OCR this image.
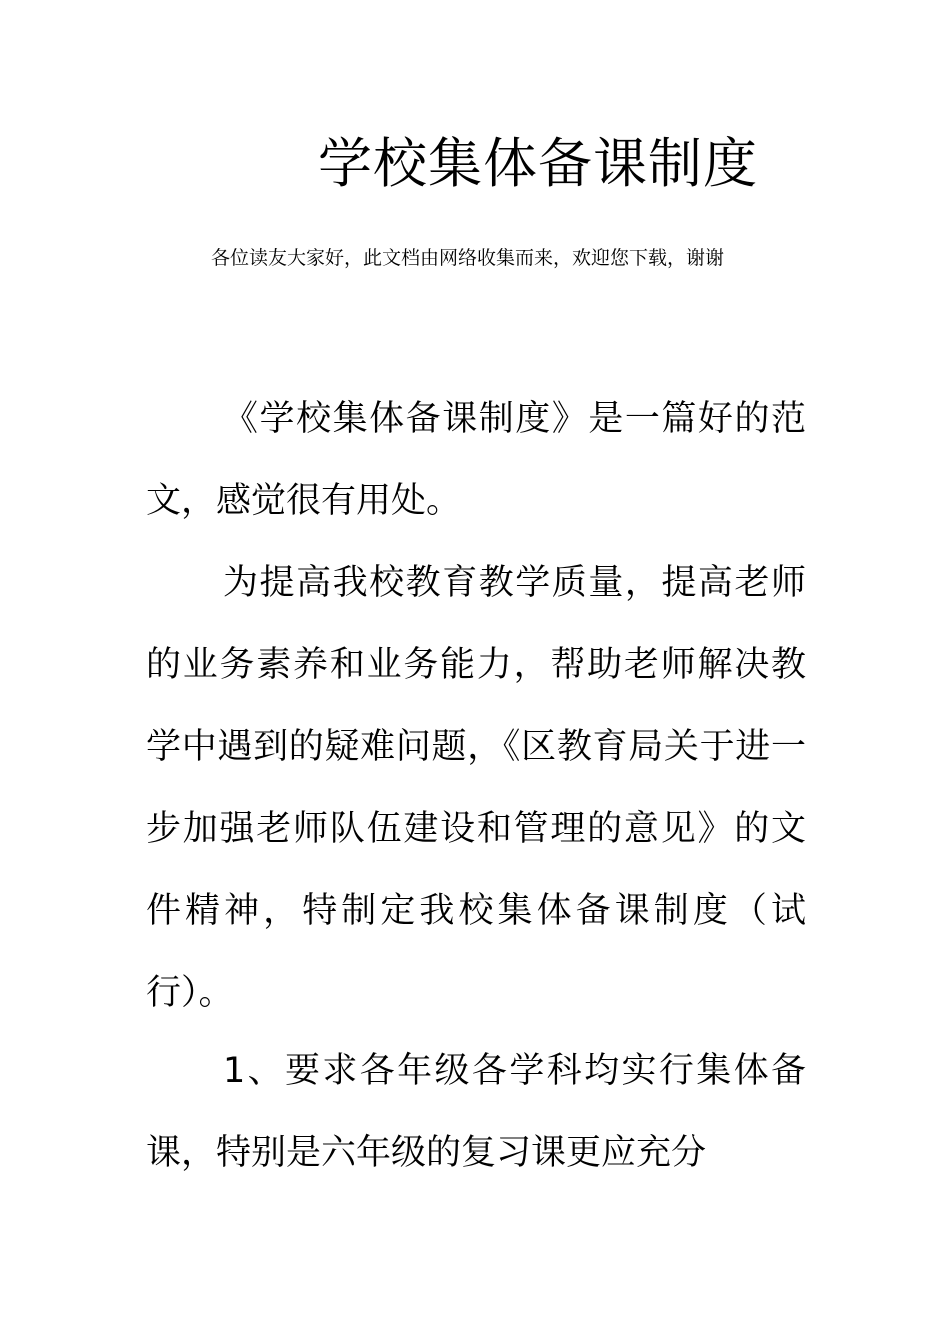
学校集体备课制度
各位读友大家好，此文档由网络收集而来，欢迎您下载，谢谢

《学校集体备课制度》是一篇好的范文，感觉很有用处。

为提高我校教育教学质量，提高老师的业务素养和业务能力，帮助老师解决教学中遇到的疑难问题，《区教育局关于进一步加强老师队伍建设和管理的意见》的文件精神，特制定我校集体备课制度（试行）。

1、要求各年级各学科均实行集体备课，特别是六年级的复习课更应充分
